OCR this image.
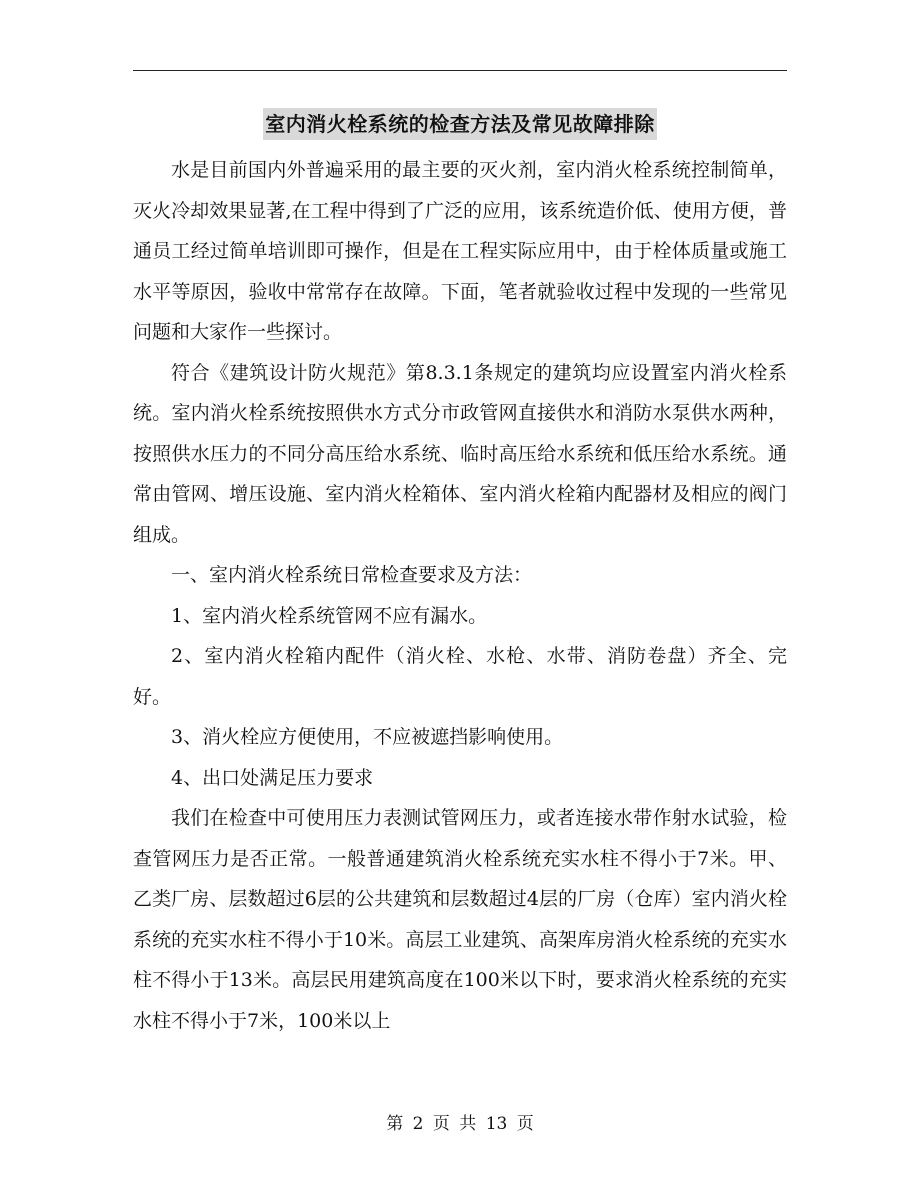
室内消火栓系统的检查方法及常见故障排除

水是目前国内外普遍采用的最主要的灭火剂，室内消火栓系统控制简单，灭火冷却效果显著,在工程中得到了广泛的应用，该系统造价低、使用方便，普通员工经过简单培训即可操作，但是在工程实际应用中，由于栓体质量或施工水平等原因，验收中常常存在故障。下面，笔者就验收过程中发现的一些常见问题和大家作一些探讨。

符合《建筑设计防火规范》第8.3.1条规定的建筑均应设置室内消火栓系统。室内消火栓系统按照供水方式分市政管网直接供水和消防水泵供水两种，按照供水压力的不同分高压给水系统、临时高压给水系统和低压给水系统。通常由管网、增压设施、室内消火栓箱体、室内消火栓箱内配器材及相应的阀门组成。

一、室内消火栓系统日常检查要求及方法：

1、室内消火栓系统管网不应有漏水。

2、室内消火栓箱内配件（消火栓、水枪、水带、消防卷盘）齐全、完好。

3、消火栓应方便使用，不应被遮挡影响使用。

4、出口处满足压力要求

我们在检查中可使用压力表测试管网压力，或者连接水带作射水试验，检查管网压力是否正常。一般普通建筑消火栓系统充实水柱不得小于7米。甲、乙类厂房、层数超过6层的公共建筑和层数超过4层的厂房（仓库）室内消火栓系统的充实水柱不得小于10米。高层工业建筑、高架库房消火栓系统的充实水柱不得小于13米。高层民用建筑高度在100米以下时，要求消火栓系统的充实水柱不得小于7米，100米以上

第 2 页 共 13 页
